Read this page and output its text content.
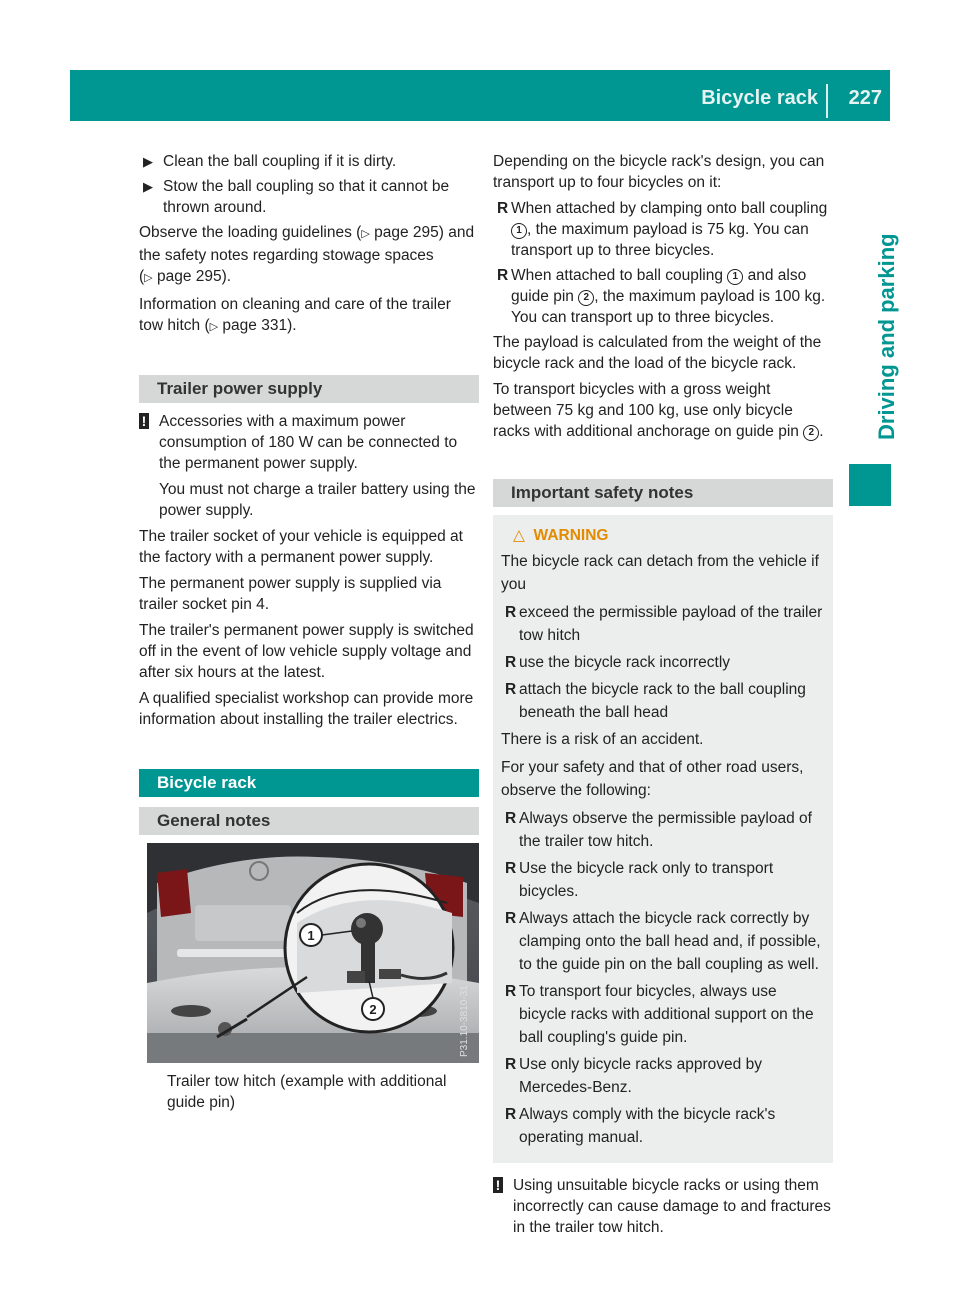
Bicycle rack 227
Driving and parking
▶ Clean the ball coupling if it is dirty.
▶ Stow the ball coupling so that it cannot be thrown around.

Observe the loading guidelines (▷ page 295) and the safety notes regarding stowage spaces (▷ page 295).

Information on cleaning and care of the trailer tow hitch (▷ page 331).

Trailer power supply
! Accessories with a maximum power consumption of 180 W can be connected to the permanent power supply.
You must not charge a trailer battery using the power supply.

The trailer socket of your vehicle is equipped at the factory with a permanent power supply.

The permanent power supply is supplied via trailer socket pin 4.

The trailer's permanent power supply is switched off in the event of low vehicle supply voltage and after six hours at the latest.

A qualified specialist workshop can provide more information about installing the trailer electrics.

Bicycle rack
General notes
1
2	P31.10-3810-31
Trailer tow hitch (example with additional guide pin)

Depending on the bicycle rack's design, you can transport up to four bicycles on it:

R When attached by clamping onto ball coupling 1 , the maximum payload is 75 kg. You can transport up to three bicycles.
R When attached to ball coupling 1 and also guide pin 2 , the maximum payload is 100 kg. You can transport up to three bicycles.

The payload is calculated from the weight of the bicycle rack and the load of the bicycle rack.

To transport bicycles with a gross weight between 75 kg and 100 kg, use only bicycle racks with additional anchorage on guide pin 2 .

Important safety notes
△ WARNING

The bicycle rack can detach from the vehicle if you

R exceed the permissible payload of the trailer tow hitch
R use the bicycle rack incorrectly
R attach the bicycle rack to the ball coupling beneath the ball head

There is a risk of an accident.

For your safety and that of other road users, observe the following:

R Always observe the permissible payload of the trailer tow hitch.
R Use the bicycle rack only to transport bicycles.
R Always attach the bicycle rack correctly by clamping onto the ball head and, if possible, to the guide pin on the ball coupling as well.
R To transport four bicycles, always use bicycle racks with additional support on the ball coupling's guide pin.
R Use only bicycle racks approved by Mercedes-Benz.
R Always comply with the bicycle rack's operating manual.
! Using unsuitable bicycle racks or using them incorrectly can cause damage to and fractures in the trailer tow hitch.
